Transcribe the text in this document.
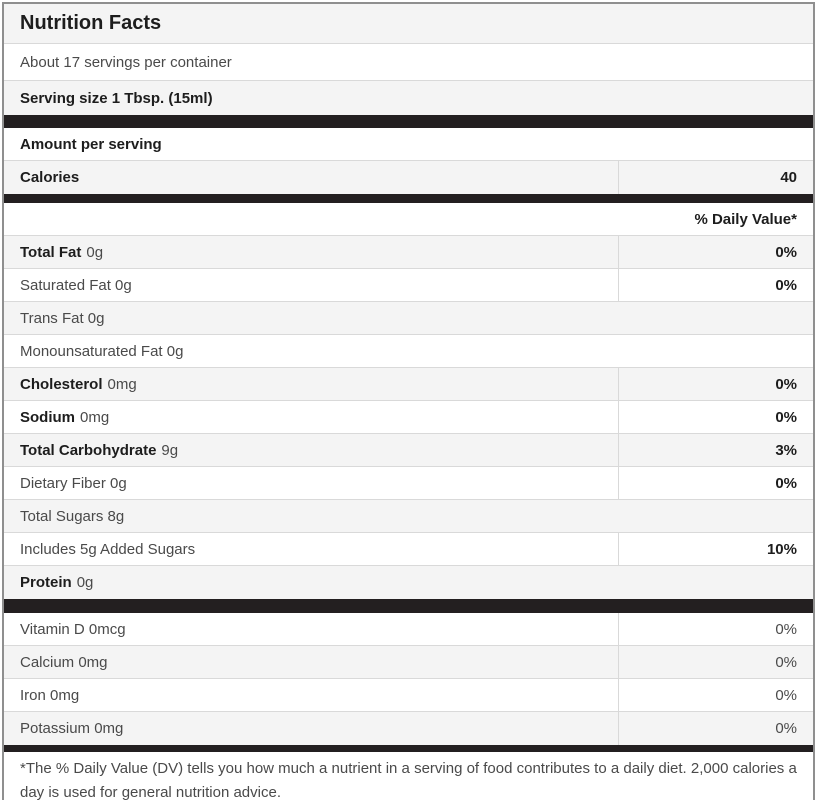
Nutrition Facts
About 17 servings per container
Serving size 1 Tbsp. (15ml)
Amount per serving
Calories	40
% Daily Value*
Total Fat 0g	0%
Saturated Fat 0g	0%
Trans Fat 0g
Monounsaturated Fat 0g
Cholesterol 0mg	0%
Sodium 0mg	0%
Total Carbohydrate 9g	3%
Dietary Fiber 0g	0%
Total Sugars 8g
Includes 5g Added Sugars	10%
Protein 0g
Vitamin D 0mcg	0%
Calcium 0mg	0%
Iron 0mg	0%
Potassium 0mg	0%

*The % Daily Value (DV) tells you how much a nutrient in a serving of food contributes to a daily diet. 2,000 calories a day is used for general nutrition advice.
